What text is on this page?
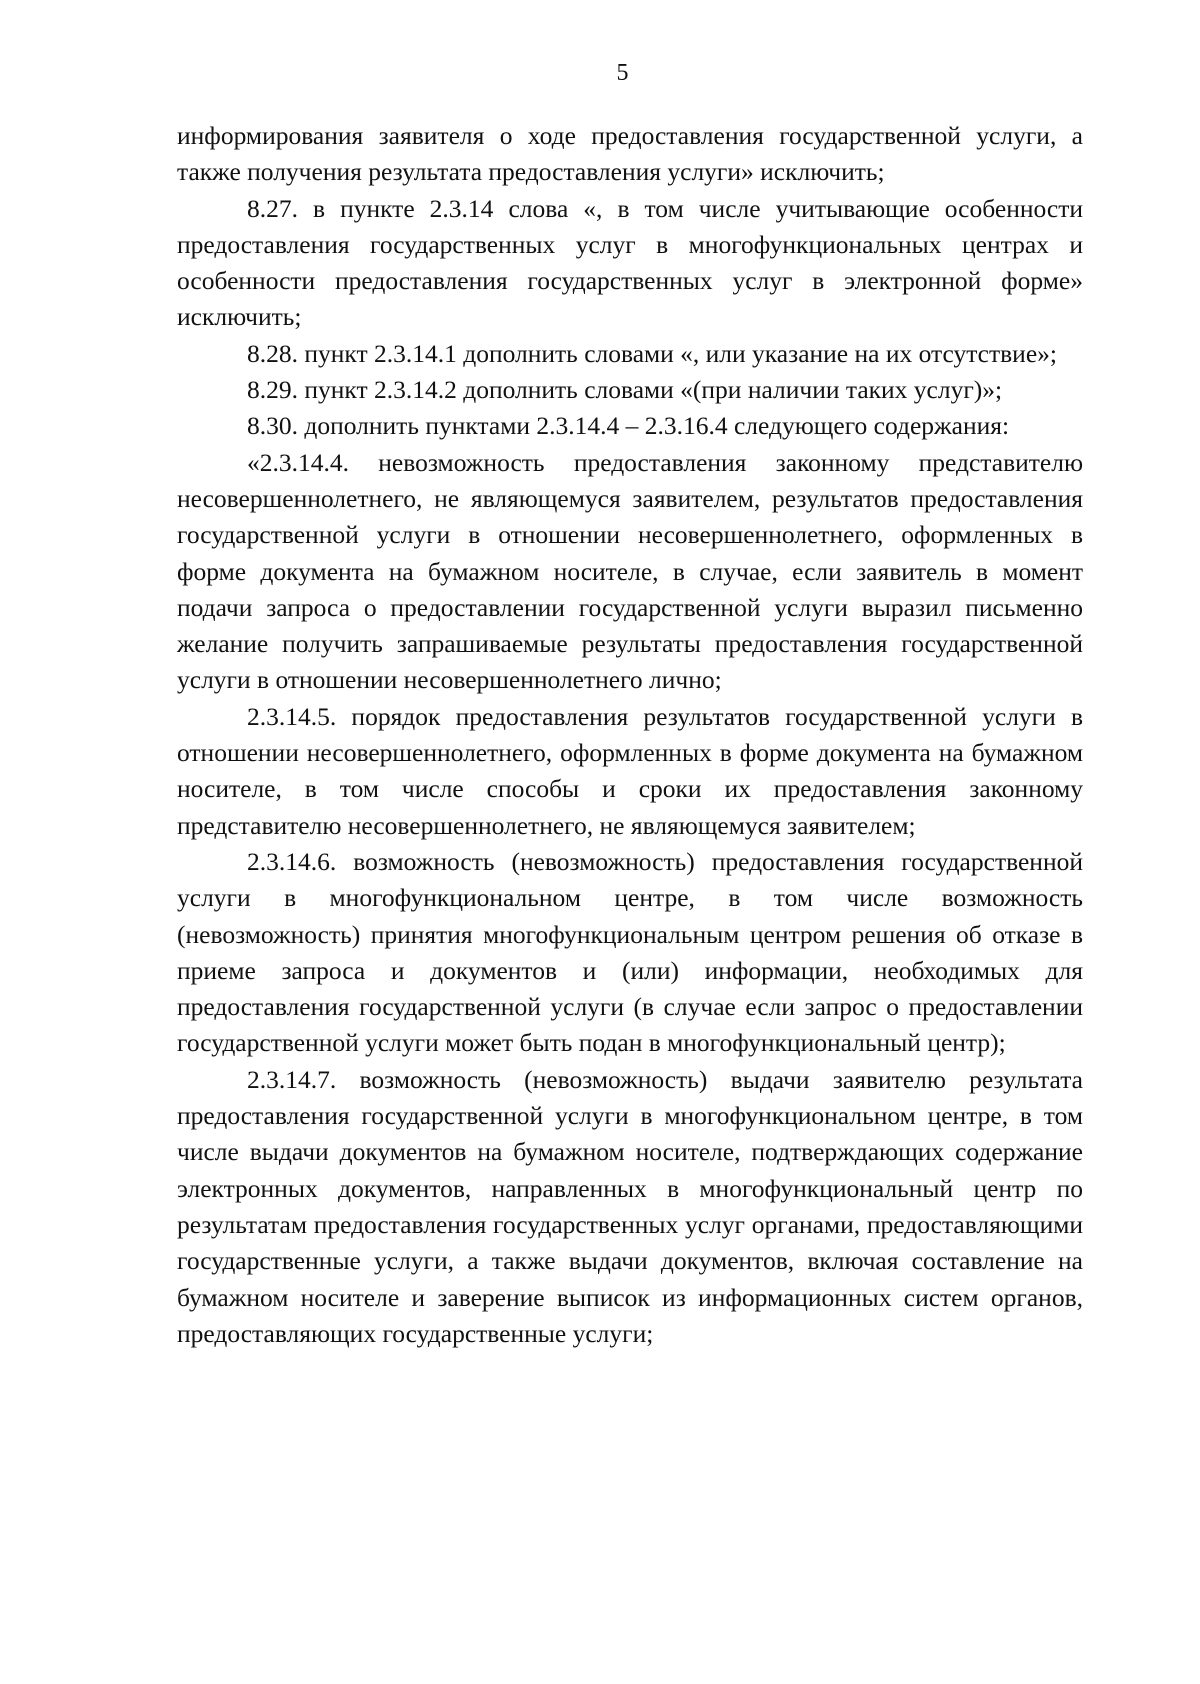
5

информирования заявителя о ходе предоставления государственной услуги, а также получения результата предоставления услуги» исключить;

8.27. в пункте 2.3.14 слова «, в том числе учитывающие особенности предоставления государственных услуг в многофункциональных центрах и особенности предоставления государственных услуг в электронной форме» исключить;

8.28. пункт 2.3.14.1 дополнить словами «, или указание на их отсутствие»;

8.29. пункт 2.3.14.2 дополнить словами «(при наличии таких услуг)»;

8.30. дополнить пунктами 2.3.14.4 – 2.3.16.4 следующего содержания:

«2.3.14.4. невозможность предоставления законному представителю несовершеннолетнего, не являющемуся заявителем, результатов предоставления государственной услуги в отношении несовершеннолетнего, оформленных в форме документа на бумажном носителе, в случае, если заявитель в момент подачи запроса о предоставлении государственной услуги выразил письменно желание получить запрашиваемые результаты предоставления государственной услуги в отношении несовершеннолетнего лично;

2.3.14.5. порядок предоставления результатов государственной услуги в отношении несовершеннолетнего, оформленных в форме документа на бумажном носителе, в том числе способы и сроки их предоставления законному представителю несовершеннолетнего, не являющемуся заявителем;

2.3.14.6. возможность (невозможность) предоставления государственной услуги в многофункциональном центре, в том числе возможность (невозможность) принятия многофункциональным центром решения об отказе в приеме запроса и документов и (или) информации, необходимых для предоставления государственной услуги (в случае если запрос о предоставлении государственной услуги может быть подан в многофункциональный центр);

2.3.14.7. возможность (невозможность) выдачи заявителю результата предоставления государственной услуги в многофункциональном центре, в том числе выдачи документов на бумажном носителе, подтверждающих содержание электронных документов, направленных в многофункциональный центр по результатам предоставления государственных услуг органами, предоставляющими государственные услуги, а также выдачи документов, включая составление на бумажном носителе и заверение выписок из информационных систем органов, предоставляющих государственные услуги;
